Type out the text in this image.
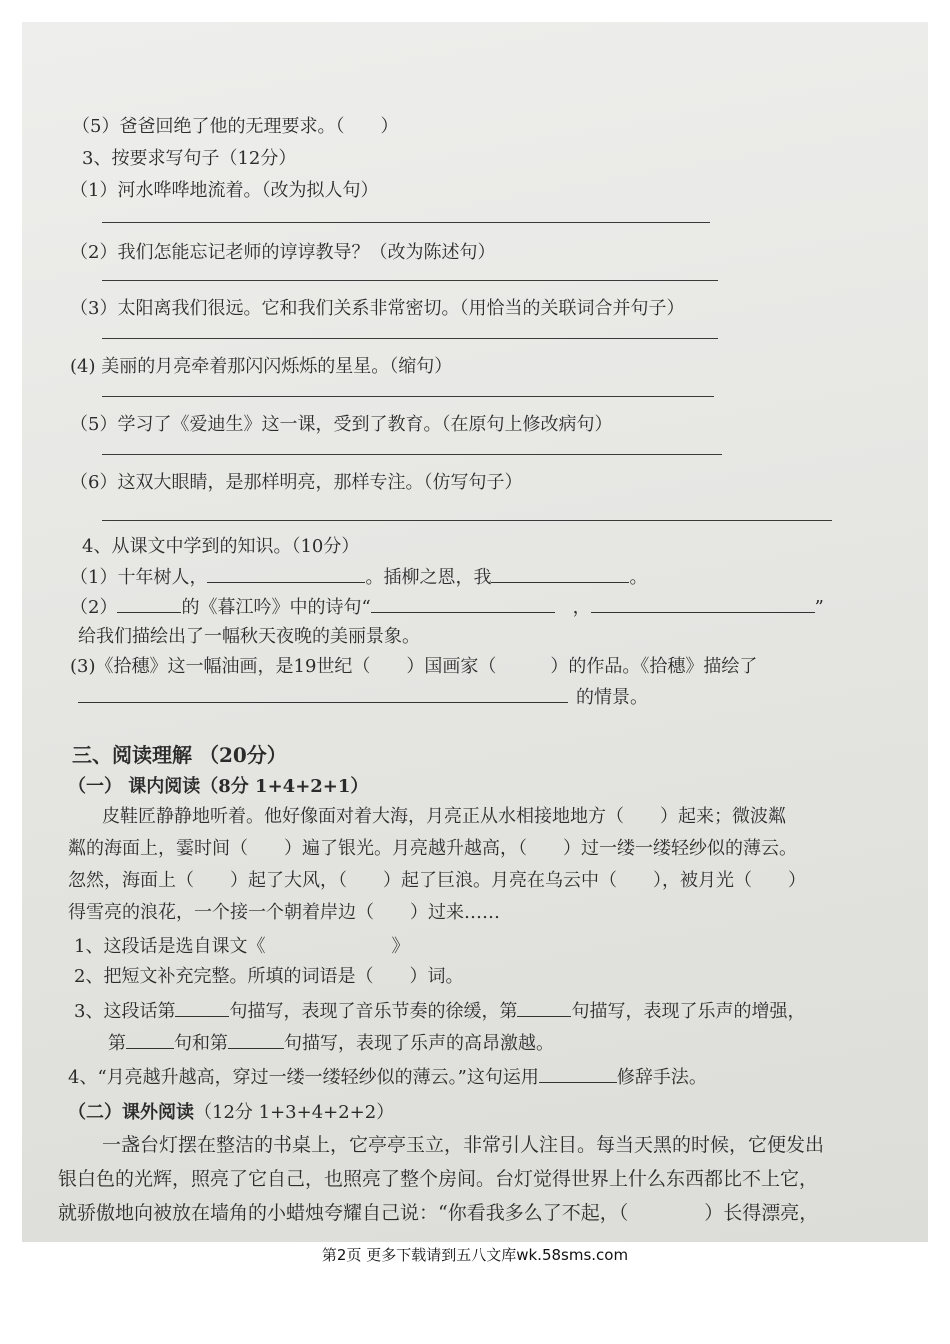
（5）爸爸回绝了他的无理要求。（　　）
3、按要求写句子（12分）
（1）河水哗哗地流着。（改为拟人句）
（2）我们怎能忘记老师的谆谆教导？（改为陈述句）
（3）太阳离我们很远。它和我们关系非常密切。（用恰当的关联词合并句子）
(4) 美丽的月亮牵着那闪闪烁烁的星星。（缩句）
（5）学习了《爱迪生》这一课，受到了教育。（在原句上修改病句）
（6）这双大眼睛，是那样明亮，那样专注。（仿写句子）
4、从课文中学到的知识。（10分）
（1）十年树人，	。插柳之恩，我	。
（2）	的《暮江吟》中的诗句“	，	”
给我们描绘出了一幅秋天夜晚的美丽景象。
(3)《拾穗》这一幅油画，是19世纪（　　）国画家（　　　）的作品。《拾穗》描绘了
的情景。
三、阅读理解 （20分）
（一） 课内阅读（8分 1+4+2+1）
皮鞋匠静静地听着。他好像面对着大海，月亮正从水相接地地方（　　）起来；微波粼
粼的海面上，霎时间（　　）遍了银光。月亮越升越高，（　　）过一缕一缕轻纱似的薄云。
忽然，海面上（　　）起了大风，（　　）起了巨浪。月亮在乌云中（　　），被月光（　　）
得雪亮的浪花，一个接一个朝着岸边（　　）过来……
1、这段话是选自课文《　　　　　　　》
2、把短文补充完整。所填的词语是（　　）词。
3、这段话第	句描写，表现了音乐节奏的徐缓，第	句描写，表现了乐声的增强，
第	句和第	句描写，表现了乐声的高昂激越。
4、“月亮越升越高，穿过一缕一缕轻纱似的薄云。”这句运用	修辞手法。
（二）课外阅读（12分 1+3+4+2+2）
一盏台灯摆在整洁的书桌上，它亭亭玉立，非常引人注目。每当天黑的时候，它便发出
银白色的光辉，照亮了它自己，也照亮了整个房间。台灯觉得世界上什么东西都比不上它，
就骄傲地向被放在墙角的小蜡烛夸耀自己说：“你看我多么了不起，（　　　　）长得漂亮，
第2页 更多下载请到五八文库wk.58sms.com
